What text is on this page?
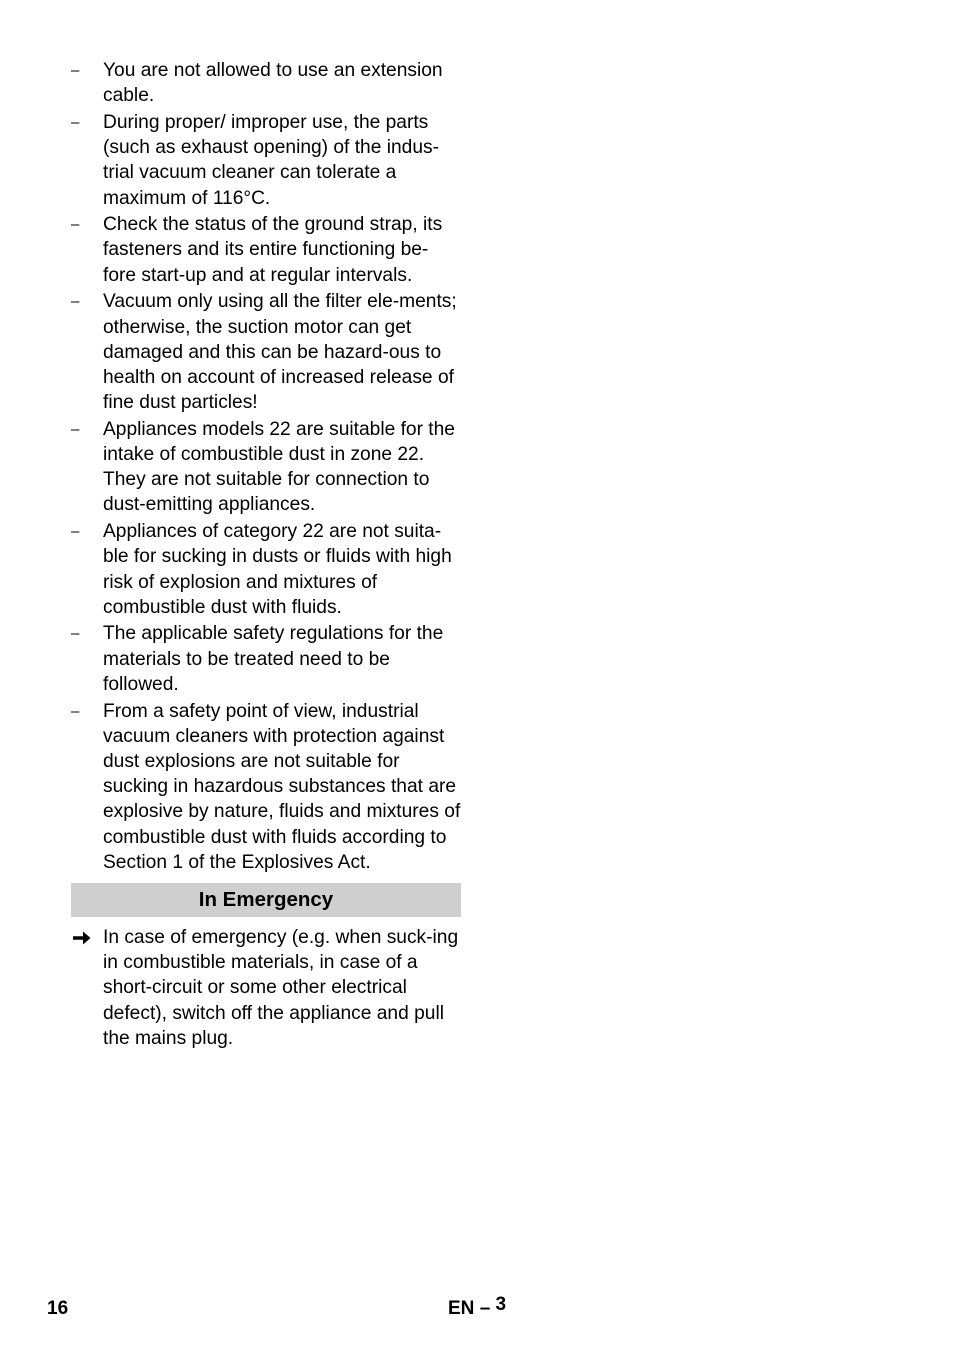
– You are not allowed to use an extension cable.
– During proper/ improper use, the parts (such as exhaust opening) of the indus-trial vacuum cleaner can tolerate a maximum of 116°C.
– Check the status of the ground strap, its fasteners and its entire functioning be-fore start-up and at regular intervals.
– Vacuum only using all the filter ele-ments; otherwise, the suction motor can get damaged and this can be hazard-ous to health on account of increased release of fine dust particles!
– Appliances models 22 are suitable for the intake of combustible dust in zone 22. They are not suitable for connection to dust-emitting appliances.
– Appliances of category 22 are not suita-ble for sucking in dusts or fluids with high risk of explosion and mixtures of combustible dust with fluids.
– The applicable safety regulations for the materials to be treated need to be followed.
– From a safety point of view, industrial vacuum cleaners with protection against dust explosions are not suitable for sucking in hazardous substances that are explosive by nature, fluids and mixtures of combustible dust with fluids according to Section 1 of the Explosives Act.
In Emergency
In case of emergency (e.g. when suck-ing in combustible materials, in case of a short-circuit or some other electrical defect), switch off the appliance and pull the mains plug.
16	EN – 3
